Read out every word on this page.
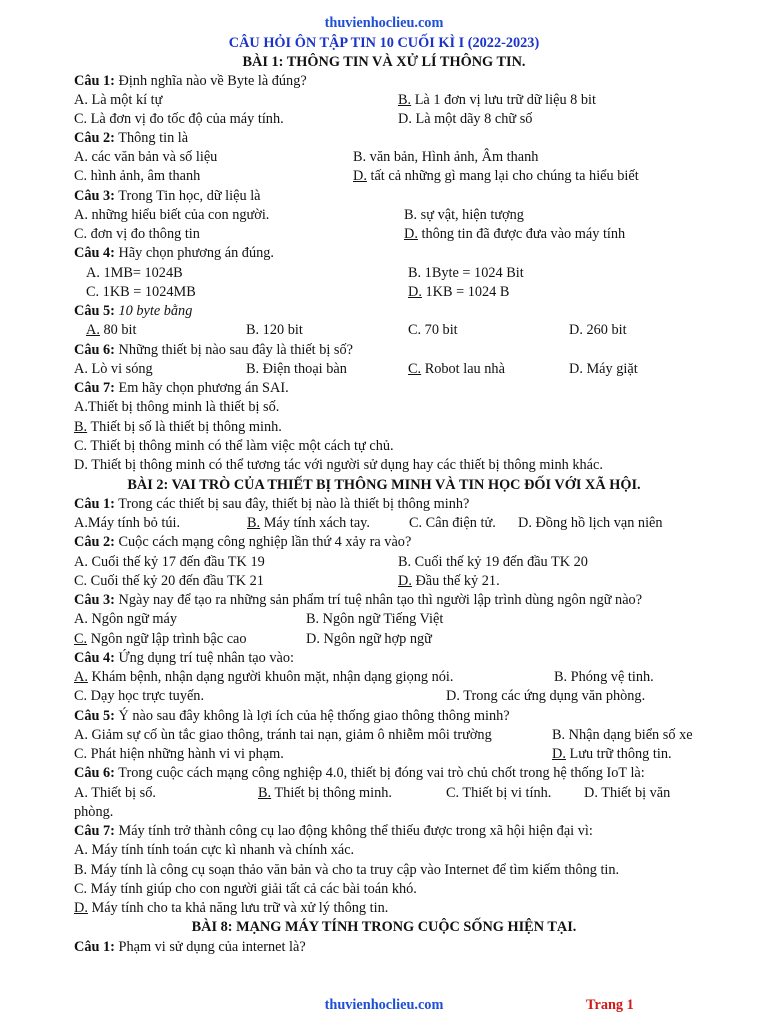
thuvienhoclieu.com
CÂU HỎI ÔN TẬP TIN 10 CUỐI KÌ I (2022-2023)
BÀI 1: THÔNG TIN VÀ XỬ LÍ THÔNG TIN.
Câu 1: Định nghĩa nào về Byte là đúng?
A. Là một kí tự	B. Là 1 đơn vị lưu trữ dữ liệu 8 bit
C. Là đơn vị đo tốc độ của máy tính.	D. Là một dãy 8 chữ số
Câu 2: Thông tin là
A. các văn bản và số liệu	B. văn bản, Hình ảnh, Âm thanh
C. hình ảnh, âm thanh	D. tất cả những gì mang lại cho chúng ta hiểu biết
Câu 3: Trong Tin học, dữ liệu là
A. những hiểu biết của con người.	B. sự vật, hiện tượng
C. đơn vị đo thông tin	D. thông tin đã được đưa vào máy tính
Câu 4: Hãy chọn phương án đúng.
A. 1MB= 1024B	B. 1Byte = 1024 Bit
C. 1KB = 1024MB	D. 1KB = 1024 B
Câu 5: 10 byte bằng
A. 80 bit	B. 120 bit	C. 70 bit	D. 260 bit
Câu 6: Những thiết bị nào sau đây là thiết bị số?
A. Lò vi sóng	B. Điện thoại bàn	C. Robot lau nhà	D. Máy giặt
Câu 7: Em hãy chọn phương án SAI.
A.Thiết bị thông minh là thiết bị số.
B. Thiết bị số là thiết bị thông minh.
C. Thiết bị thông minh có thể làm việc một cách tự chủ.
D. Thiết bị thông minh có thể tương tác với người sử dụng hay các thiết bị thông minh khác.
BÀI 2: VAI TRÒ CỦA THIẾT BỊ THÔNG MINH VÀ TIN HỌC ĐỐI VỚI XÃ HỘI.
Câu 1: Trong các thiết bị sau đây, thiết bị nào là thiết bị thông minh?
A.Máy tính bỏ túi.	B. Máy tính xách tay.	C. Cân điện tử. D. Đồng hồ lịch vạn niên
Câu 2: Cuộc cách mạng công nghiệp lần thứ 4 xảy ra vào?
A. Cuối thế kỷ 17 đến đầu TK 19	B. Cuối thế kỷ 19 đến đầu TK 20
C. Cuối thế kỷ 20 đến đầu TK 21	D. Đầu thế kỷ 21.
Câu 3: Ngày nay để tạo ra những sản phẩm trí tuệ nhân tạo thì người lập trình dùng ngôn ngữ nào?
A. Ngôn ngữ máy	B. Ngôn ngữ Tiếng Việt
C. Ngôn ngữ lập trình bậc cao	D. Ngôn ngữ hợp ngữ
Câu 4: Ứng dụng trí tuệ nhân tạo vào:
A. Khám bệnh, nhận dạng người khuôn mặt, nhận dạng giọng nói.	B. Phóng vệ tinh.
C. Dạy học trực tuyến.	D. Trong các ứng dụng văn phòng.
Câu 5: Ý nào sau đây không là lợi ích của hệ thống giao thông thông minh?
A. Giảm sự cố ùn tắc giao thông, tránh tai nạn, giảm ô nhiễm môi trường	B. Nhận dạng biển số xe
C. Phát hiện những hành vi vi phạm.	D. Lưu trữ thông tin.
Câu 6: Trong cuộc cách mạng công nghiệp 4.0, thiết bị đóng vai trò chủ chốt trong hệ thống IoT là:
A. Thiết bị số.	B. Thiết bị thông minh.	C. Thiết bị vi tính. D. Thiết bị văn
phòng.
Câu 7: Máy tính trở thành công cụ lao động không thể thiếu được trong xã hội hiện đại vì:
A. Máy tính tính toán cực kì nhanh và chính xác.
B. Máy tính là công cụ soạn thảo văn bản và cho ta truy cập vào Internet để tìm kiếm thông tin.
C. Máy tính giúp cho con người giải tất cả các bài toán khó.
D. Máy tính cho ta khả năng lưu trữ và xử lý thông tin.
BÀI 8: MẠNG MÁY TÍNH TRONG CUỘC SỐNG HIỆN TẠI.
Câu 1: Phạm vi sử dụng của internet là?
thuvienhoclieu.com	Trang 1
